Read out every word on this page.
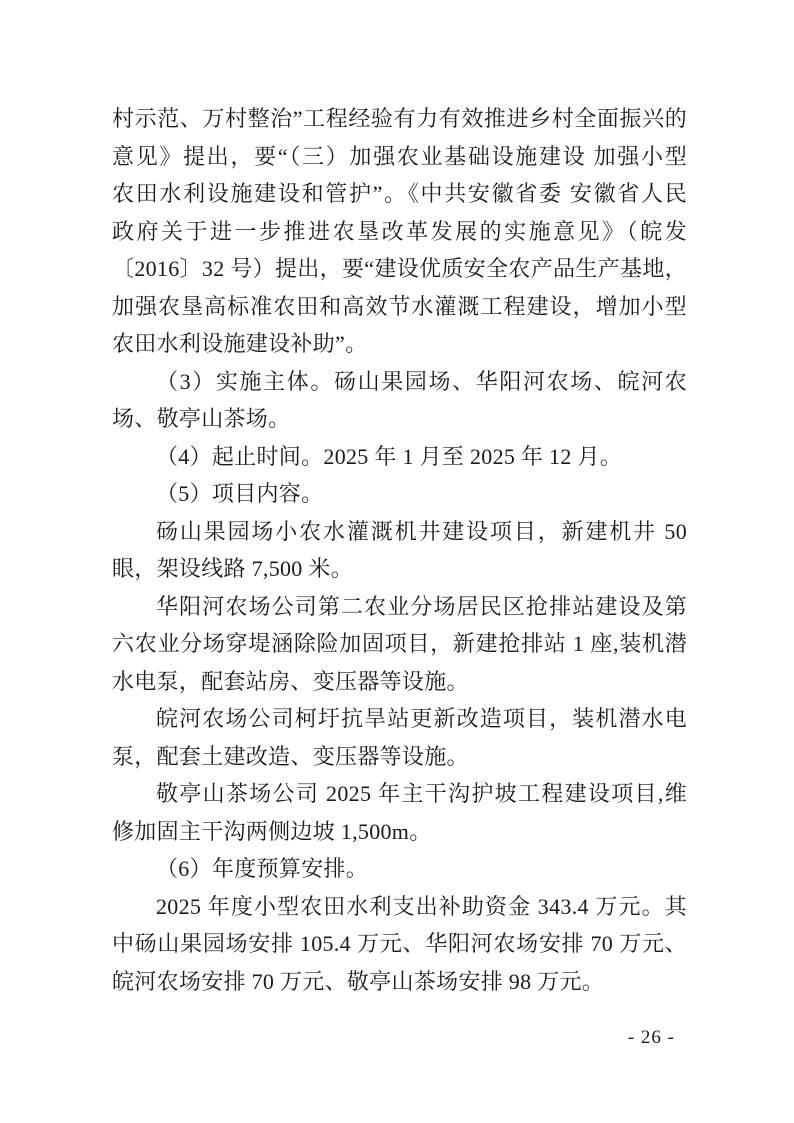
村示范、万村整治”工程经验有力有效推进乡村全面振兴的
意见》提出，要“（三）加强农业基础设施建设 加强小型
农田水利设施建设和管护”。《中共安徽省委 安徽省人民
政府关于进一步推进农垦改革发展的实施意见》（皖发
〔2016〕32 号）提出，要“建设优质安全农产品生产基地，
加强农垦高标准农田和高效节水灌溉工程建设，增加小型
农田水利设施建设补助”。
（3）实施主体。砀山果园场、华阳河农场、皖河农
场、敬亭山茶场。
（4）起止时间。2025 年 1 月至 2025 年 12 月。
（5）项目内容。
砀山果园场小农水灌溉机井建设项目，新建机井 50
眼，架设线路 7,500 米。
华阳河农场公司第二农业分场居民区抢排站建设及第
六农业分场穿堤涵除险加固项目，新建抢排站 1 座,装机潜
水电泵，配套站房、变压器等设施。
皖河农场公司柯圩抗旱站更新改造项目，装机潜水电
泵，配套土建改造、变压器等设施。
敬亭山茶场公司 2025 年主干沟护坡工程建设项目,维
修加固主干沟两侧边坡 1,500m。
（6）年度预算安排。
2025 年度小型农田水利支出补助资金 343.4 万元。其
中砀山果园场安排 105.4 万元、华阳河农场安排 70 万元、
皖河农场安排 70 万元、敬亭山茶场安排 98 万元。
- 26 -
